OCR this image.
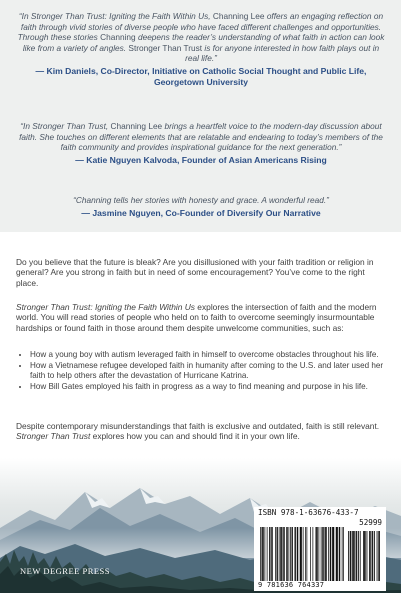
“In Stronger Than Trust: Igniting the Faith Within Us, Channing Lee offers an engaging reflection on faith through vivid stories of diverse people who have faced different challenges and opportunities. Through these stories Channing deepens the reader’s understanding of what faith in action can look like from a variety of angles. Stronger Than Trust is for anyone interested in how faith plays out in real life.”
— Kim Daniels, Co-Director, Initiative on Catholic Social Thought and Public Life, Georgetown University
“In Stronger Than Trust, Channing Lee brings a heartfelt voice to the modern-day discussion about faith. She touches on different elements that are relatable and endearing to today’s members of the faith community and provides inspirational guidance for the next generation.”
— Katie Nguyen Kalvoda, Founder of Asian Americans Rising
“Channing tells her stories with honesty and grace. A wonderful read.”
— Jasmine Nguyen, Co-Founder of Diversify Our Narrative
Do you believe that the future is bleak? Are you disillusioned with your faith tradition or religion in general? Are you strong in faith but in need of some encouragement? You’ve come to the right place.
Stronger Than Trust: Igniting the Faith Within Us explores the intersection of faith and the modern world. You will read stories of people who held on to faith to overcome seemingly insurmountable hardships or found faith in those around them despite unwelcome communities, such as:
• How a young boy with autism leveraged faith in himself to overcome obstacles throughout his life.
• How a Vietnamese refugee developed faith in humanity after coming to the U.S. and later used her faith to help others after the devastation of Hurricane Katrina.
• How Bill Gates employed his faith in progress as a way to find meaning and purpose in his life.
Despite contemporary misunderstandings that faith is exclusive and outdated, faith is still relevant. Stronger Than Trust explores how you can and should find it in your own life.
NEW DEGREE PRESS
ISBN 978-1-63676-433-7
52999
9 781636 764337
